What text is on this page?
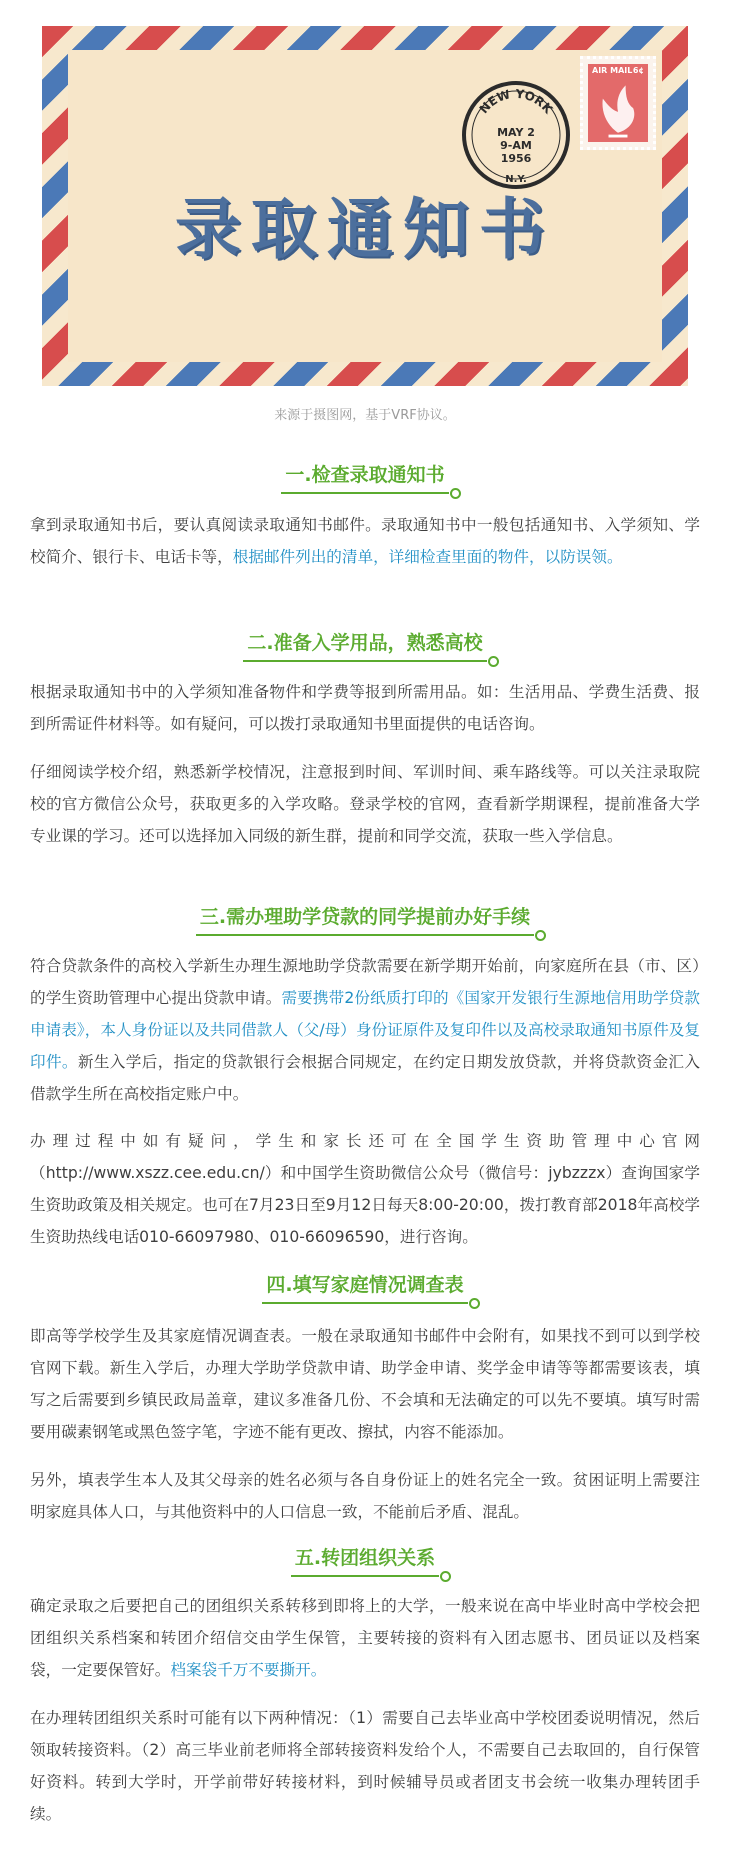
NEW YORK
MAY 2
9-AM
1956
N.Y.
AIR MAIL 6¢
录取通知书
来源于摄图网，基于VRF协议。
一.检查录取通知书

拿到录取通知书后，要认真阅读录取通知书邮件。录取通知书中一般包括通知书、入学须知、学校简介、银行卡、电话卡等，根据邮件列出的清单，详细检查里面的物件，以防误领。

二.准备入学用品，熟悉高校

根据录取通知书中的入学须知准备物件和学费等报到所需用品。如：生活用品、学费生活费、报到所需证件材料等。如有疑问，可以拨打录取通知书里面提供的电话咨询。

仔细阅读学校介绍，熟悉新学校情况，注意报到时间、军训时间、乘车路线等。可以关注录取院校的官方微信公众号，获取更多的入学攻略。登录学校的官网，查看新学期课程，提前准备大学专业课的学习。还可以选择加入同级的新生群，提前和同学交流，获取一些入学信息。

三.需办理助学贷款的同学提前办好手续

符合贷款条件的高校入学新生办理生源地助学贷款需要在新学期开始前，向家庭所在县（市、区）的学生资助管理中心提出贷款申请。需要携带2份纸质打印的《国家开发银行生源地信用助学贷款申请表》，本人身份证以及共同借款人（父/母）身份证原件及复印件以及高校录取通知书原件及复印件。新生入学后，指定的贷款银行会根据合同规定，在约定日期发放贷款，并将贷款资金汇入借款学生所在高校指定账户中。

办理过程中如有疑问，学生和家长还可在全国学生资助管理中心官网（http://www.xszz.cee.edu.cn/）和中国学生资助微信公众号（微信号：jybzzzx）查询国家学生资助政策及相关规定。也可在7月23日至9月12日每天8:00-20:00，拨打教育部2018年高校学生资助热线电话010-66097980、010-66096590，进行咨询。

四.填写家庭情况调查表

即高等学校学生及其家庭情况调查表。一般在录取通知书邮件中会附有，如果找不到可以到学校官网下载。新生入学后，办理大学助学贷款申请、助学金申请、奖学金申请等等都需要该表，填写之后需要到乡镇民政局盖章，建议多准备几份、不会填和无法确定的可以先不要填。填写时需要用碳素钢笔或黑色签字笔，字迹不能有更改、擦拭，内容不能添加。

另外，填表学生本人及其父母亲的姓名必须与各自身份证上的姓名完全一致。贫困证明上需要注明家庭具体人口，与其他资料中的人口信息一致，不能前后矛盾、混乱。

五.转团组织关系

确定录取之后要把自己的团组织关系转移到即将上的大学，一般来说在高中毕业时高中学校会把团组织关系档案和转团介绍信交由学生保管，主要转接的资料有入团志愿书、团员证以及档案袋，一定要保管好。档案袋千万不要撕开。

在办理转团组织关系时可能有以下两种情况：（1）需要自己去毕业高中学校团委说明情况，然后领取转接资料。（2）高三毕业前老师将全部转接资料发给个人，不需要自己去取回的，自行保管好资料。转到大学时，开学前带好转接材料，到时候辅导员或者团支书会统一收集办理转团手续。
